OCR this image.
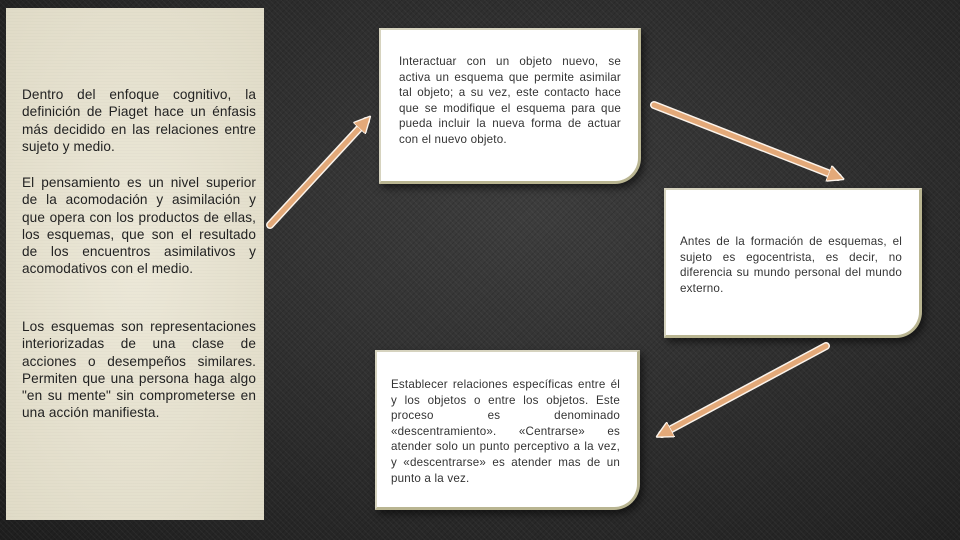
Dentro del enfoque cognitivo, la definición de Piaget hace un énfasis más decidido en las relaciones entre sujeto y medio.

El pensamiento es un nivel superior de la acomodación y asimilación y que opera con los productos de ellas, los esquemas, que son el resultado de los encuentros asimilativos y acomodativos con el medio.

Los esquemas son representaciones interiorizadas de una clase de acciones o desempeños similares. Permiten que una persona haga algo "en su mente" sin comprometerse en una acción manifiesta.

Interactuar con un objeto nuevo, se activa un esquema que permite asimilar tal objeto; a su vez, este contacto hace que se modifique el esquema para que pueda incluir la nueva forma de actuar con el nuevo objeto.
Antes de la formación de esquemas, el sujeto es egocentrista, es decir, no diferencia su mundo personal del mundo externo.
Establecer relaciones específicas entre él y los objetos o entre los objetos. Este proceso es denominado «descentramiento». «Centrarse» es atender solo un punto perceptivo a la vez, y «descentrarse» es atender mas de un punto a la vez.
